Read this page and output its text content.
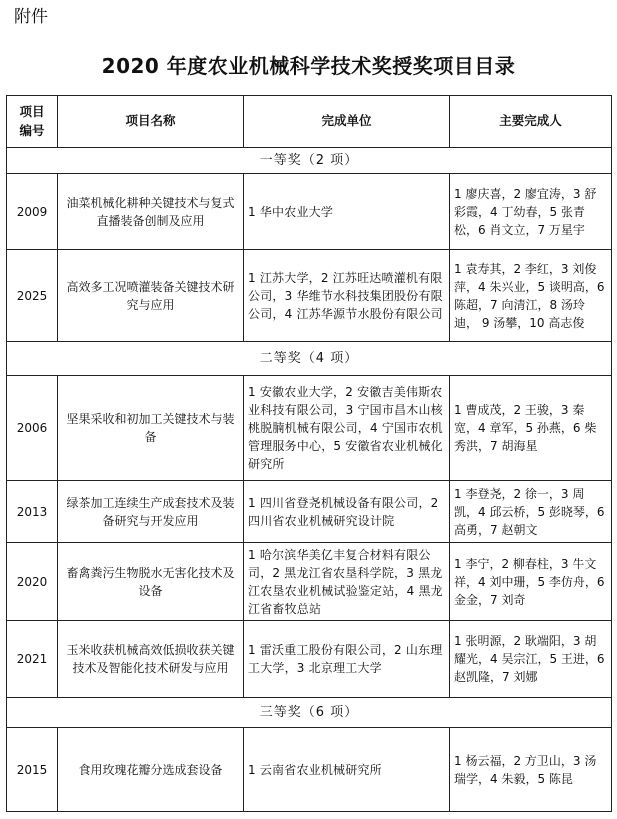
附件
2020 年度农业机械科学技术奖授奖项目目录
项目
编号	项目名称	完成单位	主要完成人
一等奖（2 项）			
2009	油菜机械化耕种关键技术与复式直播装备创制及应用	1 华中农业大学	1 廖庆喜，2 廖宜涛，3 舒彩霞，4 丁幼春，5 张青松，6 肖文立，7 万星宇
2025	高效多工况喷灌装备关键技术研究与应用	1 江苏大学，2 江苏旺达喷灌机有限公司，3 华维节水科技集团股份有限公司，4 江苏华源节水股份有限公司	1 袁寿其，2 李红，3 刘俊萍，4 朱兴业，5 谈明高，6 陈超，7 向清江，8 汤玲迪， 9 汤攀，10 高志俊
二等奖（4 项）			
2006	坚果采收和初加工关键技术与装备	1 安徽农业大学，2 安徽吉美伟斯农业科技有限公司，3 宁国市昌木山核桃脱腩机械有限公司，4 宁国市农机管理服务中心，5 安徽省农业机械化研究所	1 曹成茂，2 王骏，3 秦宽，4 章军，5 孙燕，6 柴秀洪，7 胡海星
2013	绿茶加工连续生产成套技术及装备研究与开发应用	1 四川省登尧机械设备有限公司，2 四川省农业机械研究设计院	1 李登尧，2 徐一，3 周凯，4 邱云桥，5 彭晓琴，6 高勇，7 赵朝文
2020	畜禽粪污生物脱水无害化技术及设备	1 哈尔滨华美亿丰复合材料有限公司，2 黑龙江省农垦科学院，3 黑龙江农垦农业机械试验鉴定站，4 黑龙江省畜牧总站	1 李宁，2 柳春柱，3 牛文祥，4 刘中珊，5 李仿舟，6 金金，7 刘奇
2021	玉米收获机械高效低损收获关键技术及智能化技术研发与应用	1 雷沃重工股份有限公司，2 山东理工大学，3 北京理工大学	1 张明源，2 耿端阳，3 胡耀光，4 吴宗江，5 王进，6 赵凯隆，7 刘娜
三等奖（6 项）			
2015	食用玫瑰花瓣分选成套设备	1 云南省农业机械研究所	1 杨云福，2 方卫山，3 汤瑞学，4 朱毅，5 陈昆
